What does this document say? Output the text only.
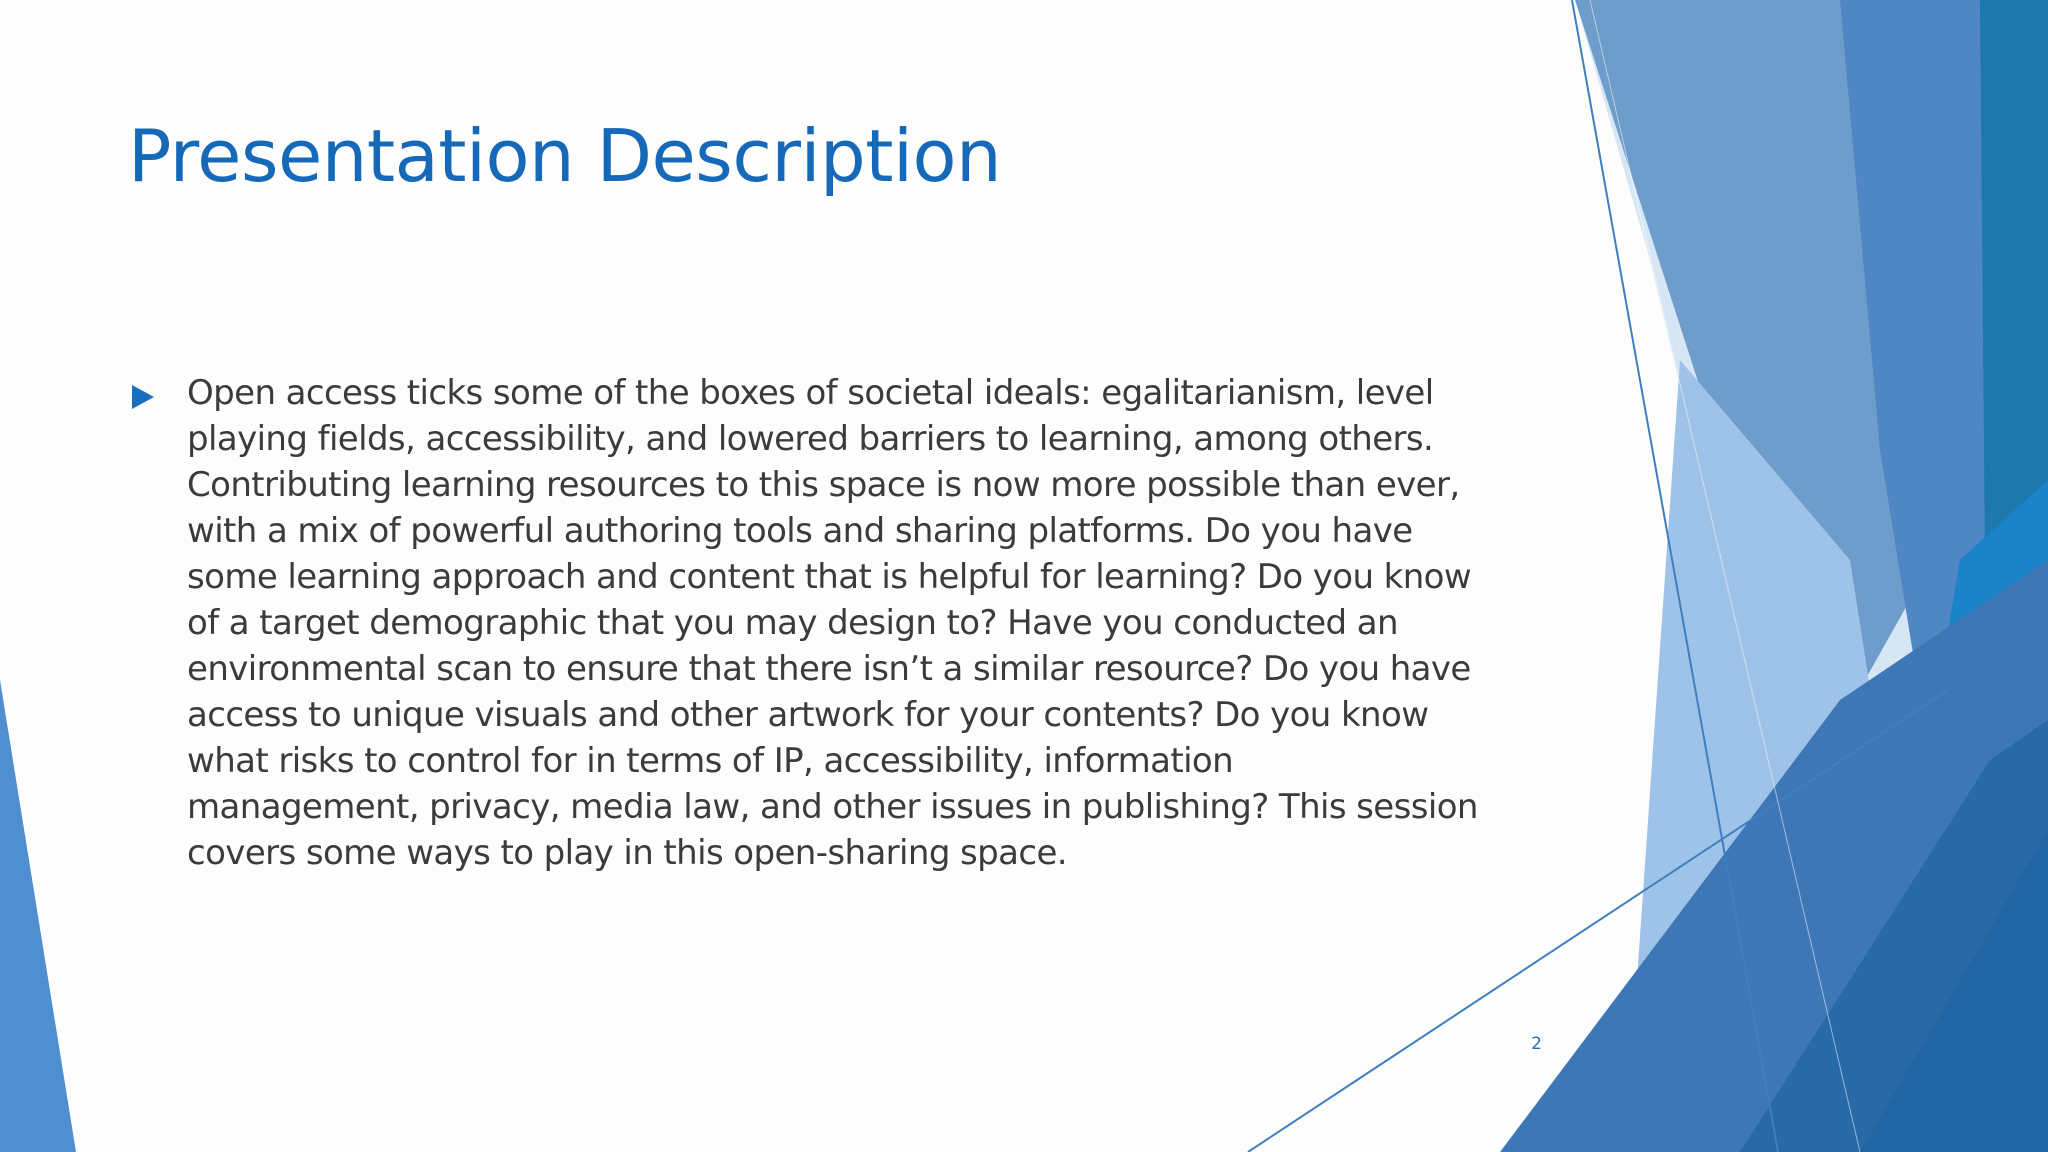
Presentation Description

Open access ticks some of the boxes of societal ideals: egalitarianism, level
playing fields, accessibility, and lowered barriers to learning, among others.
Contributing learning resources to this space is now more possible than ever,
with a mix of powerful authoring tools and sharing platforms. Do you have
some learning approach and content that is helpful for learning? Do you know
of a target demographic that you may design to? Have you conducted an
environmental scan to ensure that there isn’t a similar resource? Do you have
access to unique visuals and other artwork for your contents? Do you know
what risks to control for in terms of IP, accessibility, information
management, privacy, media law, and other issues in publishing? This session
covers some ways to play in this open-sharing space.

2
